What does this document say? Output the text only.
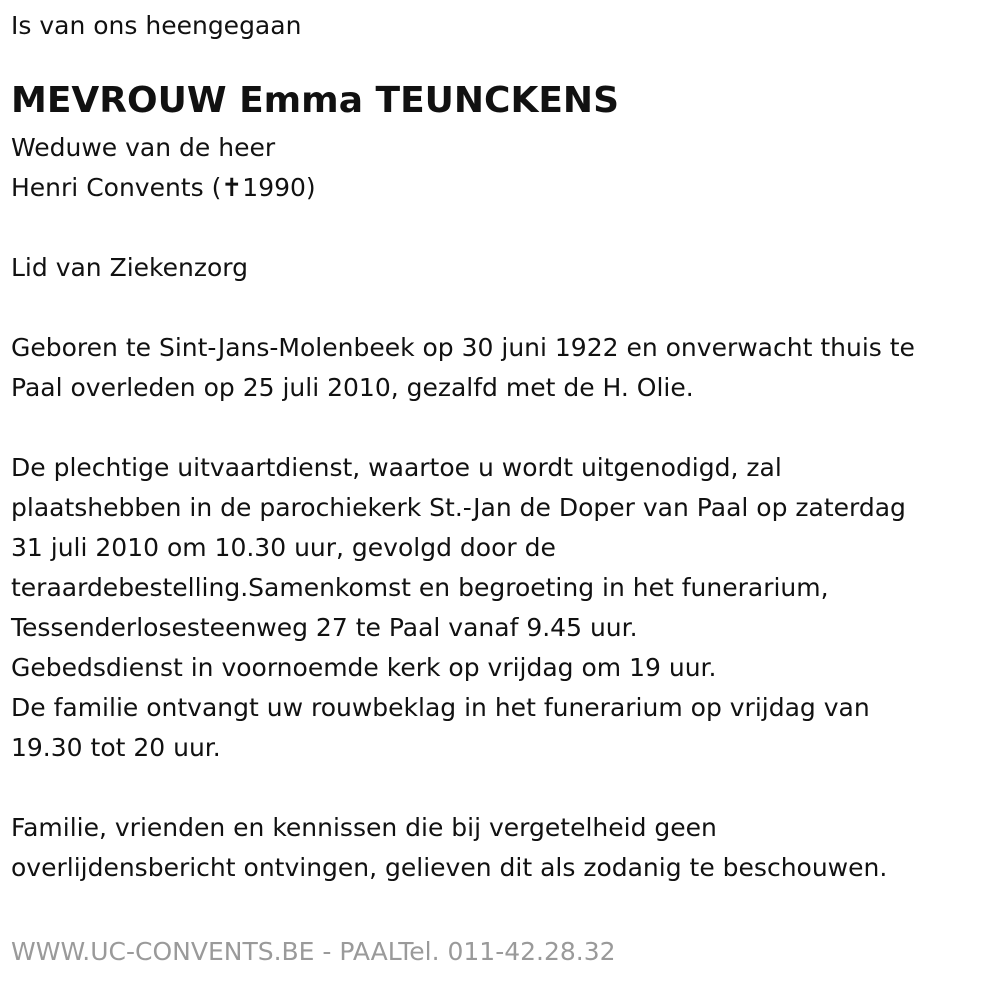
Is van ons heengegaan
MEVROUW Emma TEUNCKENS
Weduwe van de heer
Henri Convents (✝1990)
Lid van Ziekenzorg
Geboren te Sint-Jans-Molenbeek op 30 juni 1922 en onverwacht thuis te
Paal overleden op 25 juli 2010, gezalfd met de H. Olie.
De plechtige uitvaartdienst, waartoe u wordt uitgenodigd, zal
plaatshebben in de parochiekerk St.-Jan de Doper van Paal op zaterdag
31 juli 2010 om 10.30 uur, gevolgd door de
teraardebestelling.Samenkomst en begroeting in het funerarium,
Tessenderlosesteenweg 27 te Paal vanaf 9.45 uur.
Gebedsdienst in voornoemde kerk op vrijdag om 19 uur.
De familie ontvangt uw rouwbeklag in het funerarium op vrijdag van
19.30 tot 20 uur.
Familie, vrienden en kennissen die bij vergetelheid geen
overlijdensbericht ontvingen, gelieven dit als zodanig te beschouwen.
WWW.UC-CONVENTS.BE - PAALTel. 011-42.28.32
